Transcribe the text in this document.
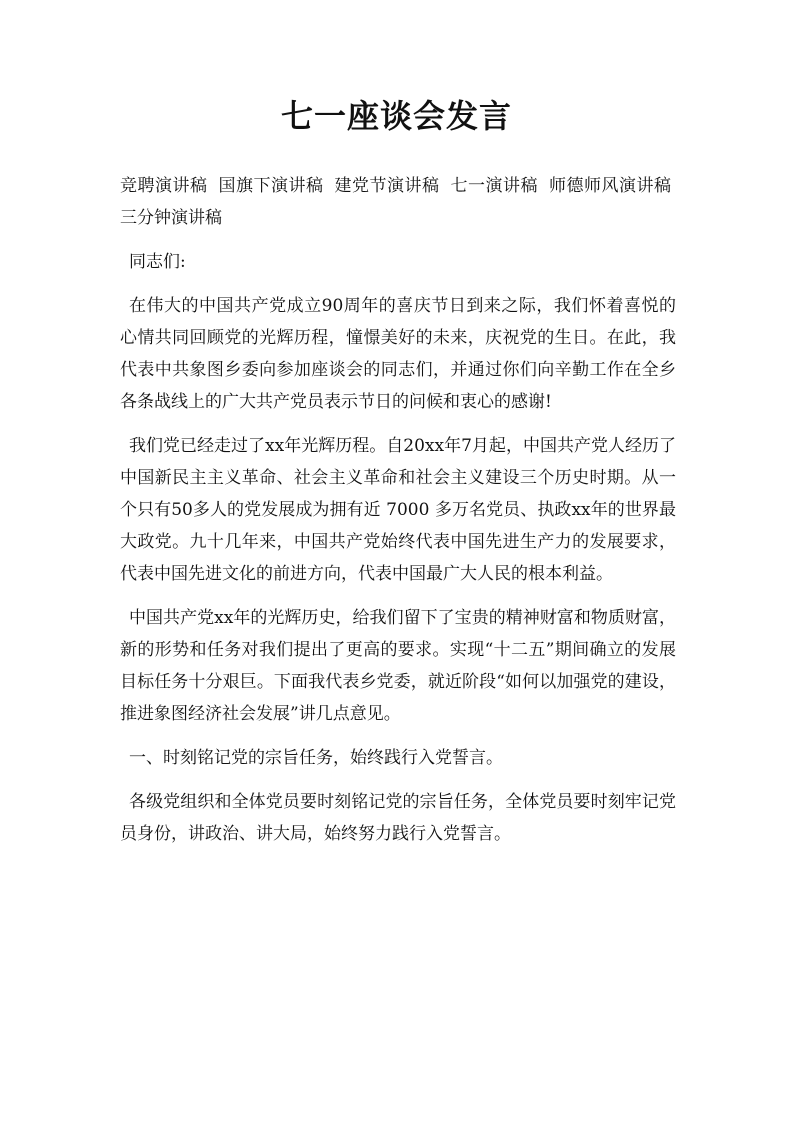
七一座谈会发言

竞聘演讲稿 国旗下演讲稿 建党节演讲稿 七一演讲稿 师德师风演讲稿 三分钟演讲稿

同志们:

在伟大的中国共产党成立90周年的喜庆节日到来之际，我们怀着喜悦的心情共同回顾党的光辉历程，憧憬美好的未来，庆祝党的生日。在此，我代表中共象图乡委向参加座谈会的同志们，并通过你们向辛勤工作在全乡各条战线上的广大共产党员表示节日的问候和衷心的感谢!

我们党已经走过了xx年光辉历程。自20xx年7月起，中国共产党人经历了中国新民主主义革命、社会主义革命和社会主义建设三个历史时期。从一个只有50多人的党发展成为拥有近 7000 多万名党员、执政xx年的世界最大政党。九十几年来，中国共产党始终代表中国先进生产力的发展要求，代表中国先进文化的前进方向，代表中国最广大人民的根本利益。

中国共产党xx年的光辉历史，给我们留下了宝贵的精神财富和物质财富，新的形势和任务对我们提出了更高的要求。实现“十二五”期间确立的发展目标任务十分艰巨。下面我代表乡党委，就近阶段“如何以加强党的建设，推进象图经济社会发展”讲几点意见。

一、时刻铭记党的宗旨任务，始终践行入党誓言。

各级党组织和全体党员要时刻铭记党的宗旨任务，全体党员要时刻牢记党员身份，讲政治、讲大局，始终努力践行入党誓言。
